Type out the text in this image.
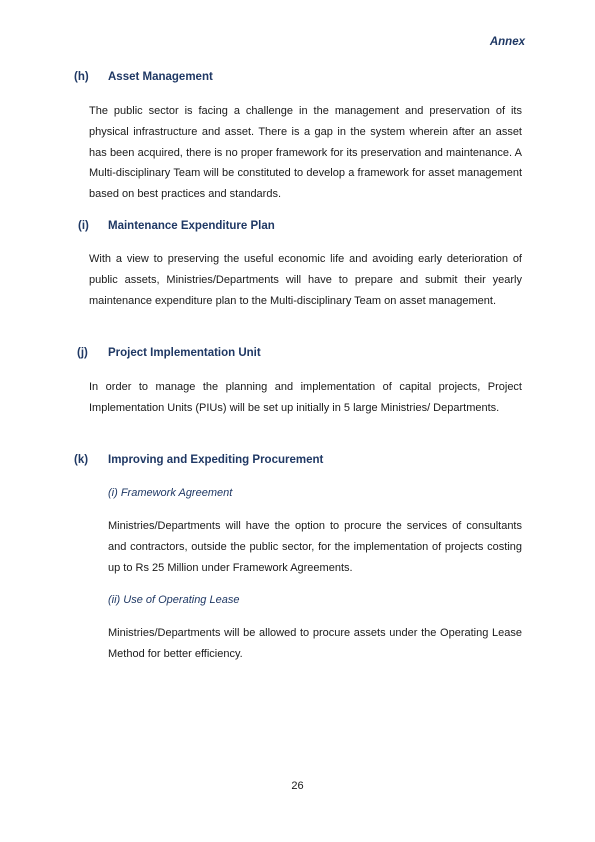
Annex
(h) Asset Management

The public sector is facing a challenge in the management and preservation of its physical infrastructure and asset. There is a gap in the system wherein after an asset has been acquired, there is no proper framework for its preservation and maintenance. A Multi-disciplinary Team will be constituted to develop a framework for asset management based on best practices and standards.

(i) Maintenance Expenditure Plan

With a view to preserving the useful economic life and avoiding early deterioration of public assets, Ministries/Departments will have to prepare and submit their yearly maintenance expenditure plan to the Multi-disciplinary Team on asset management.

(j) Project Implementation Unit

In order to manage the planning and implementation of capital projects, Project Implementation Units (PIUs) will be set up initially in 5 large Ministries/ Departments.

(k) Improving and Expediting Procurement
(i) Framework Agreement

Ministries/Departments will have the option to procure the services of consultants and contractors, outside the public sector, for the implementation of projects costing up to Rs 25 Million under Framework Agreements.

(ii) Use of Operating Lease

Ministries/Departments will be allowed to procure assets under the Operating Lease Method for better efficiency.

26
